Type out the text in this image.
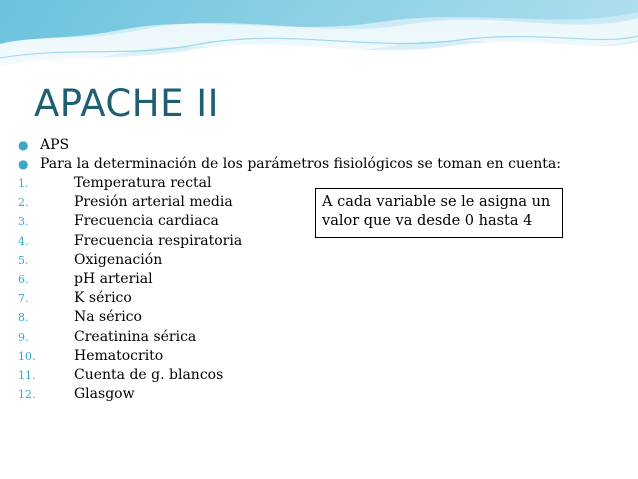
APACHE II
● APS
● Para la determinación de los parámetros fisiológicos se toman en cuenta:
1.	Temperatura rectal
2.	Presión arterial media
3.	Frecuencia cardiaca
4.	Frecuencia respiratoria
5.	Oxigenación
6.	pH arterial
7.	K sérico
8.	Na sérico
9.	Creatinina sérica
10.	Hematocrito
11.	Cuenta de g. blancos
12.	Glasgow
A cada variable se le asigna un
valor que va desde 0 hasta 4
